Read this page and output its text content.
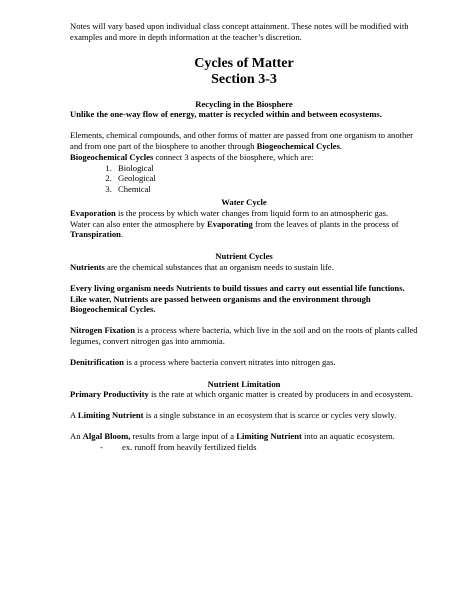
Notes will vary based upon individual class concept attainment. These notes will be modified with examples and more in depth information at the teacher’s discretion.

Cycles of Matter
Section 3-3
Recycling in the Biosphere

Unlike the one-way flow of energy, matter is recycled within and between ecosystems.

Elements, chemical compounds, and other forms of matter are passed from one organism to another and from one part of the biosphere to another through Biogeochemical Cycles.

Biogeochemical Cycles connect 3 aspects of the biosphere, which are:

1. Biological
2. Geological
3. Chemical
Water Cycle

Evaporation is the process by which water changes from liquid form to an atmospheric gas.

Water can also enter the atmosphere by Evaporating from the leaves of plants in the process of Transpiration.

Nutrient Cycles

Nutrients are the chemical substances that an organism needs to sustain life.

Every living organism needs Nutrients to build tissues and carry out essential life functions. Like water, Nutrients are passed between organisms and the environment through Biogeochemical Cycles.

Nitrogen Fixation is a process where bacteria, which live in the soil and on the roots of plants called legumes, convert nitrogen gas into ammonia.

Denitrification is a process where bacteria convert nitrates into nitrogen gas.

Nutrient Limitation

Primary Productivity is the rate at which organic matter is created by producers in and ecosystem.

A Limiting Nutrient is a single substance in an ecosystem that is scarce or cycles very slowly.

An Algal Bloom, results from a large input of a Limiting Nutrient into an aquatic ecosystem.

- ex. runoff from heavily fertilized fields
